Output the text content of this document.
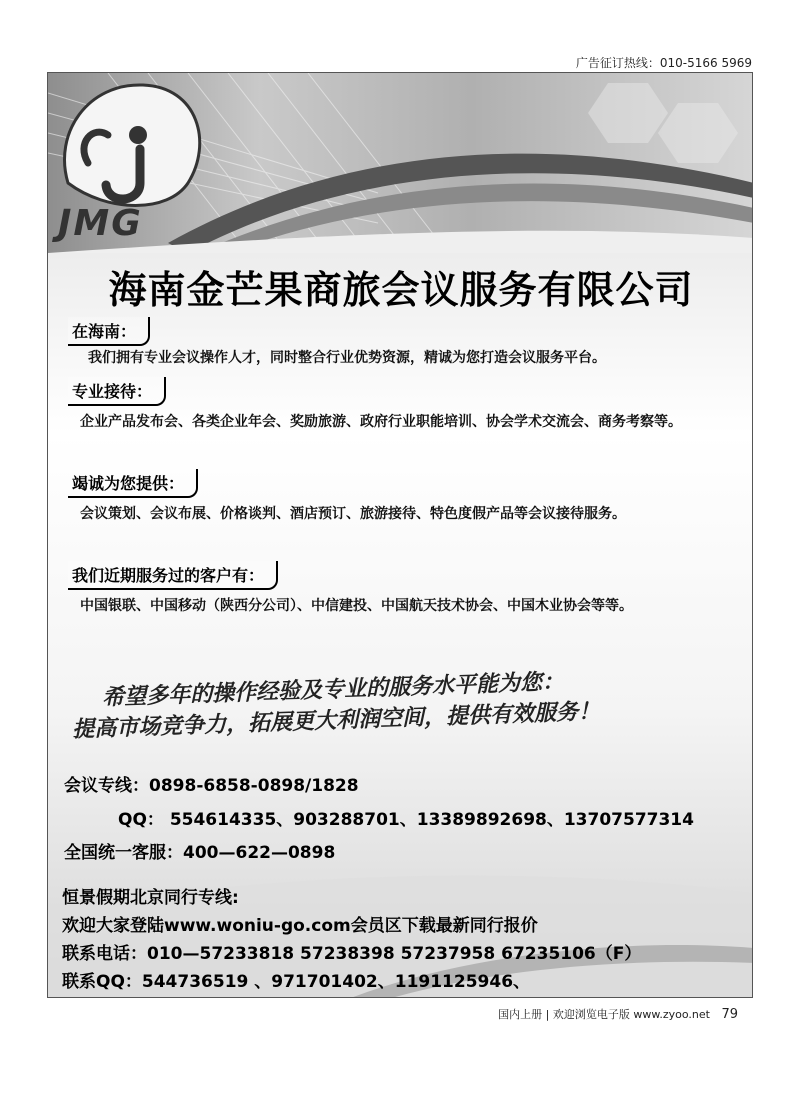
广告征订热线：010-5166 5969
JMG
海南金芒果商旅会议服务有限公司
在海南：
我们拥有专业会议操作人才，同时整合行业优势资源，精诚为您打造会议服务平台。
专业接待：
企业产品发布会、各类企业年会、奖励旅游、政府行业职能培训、协会学术交流会、商务考察等。
竭诚为您提供：
会议策划、会议布展、价格谈判、酒店预订、旅游接待、特色度假产品等会议接待服务。
我们近期服务过的客户有：
中国银联、中国移动（陕西分公司）、中信建投、中国航天技术协会、中国木业协会等等。
希望多年的操作经验及专业的服务水平能为您：
提高市场竞争力，拓展更大利润空间，提供有效服务！
会议专线：0898-6858-0898/1828
QQ： 554614335、903288701、13389892698、13707577314
全国统一客服：400—622—0898
恒景假期北京同行专线:
欢迎大家登陆www.woniu-go.com会员区下载最新同行报价
联系电话：010—57233818 57238398 57237958 67235106（F）
联系QQ：544736519 、971701402、1191125946、
国内上册 | 欢迎浏览电子版 www.zyoo.net 79
